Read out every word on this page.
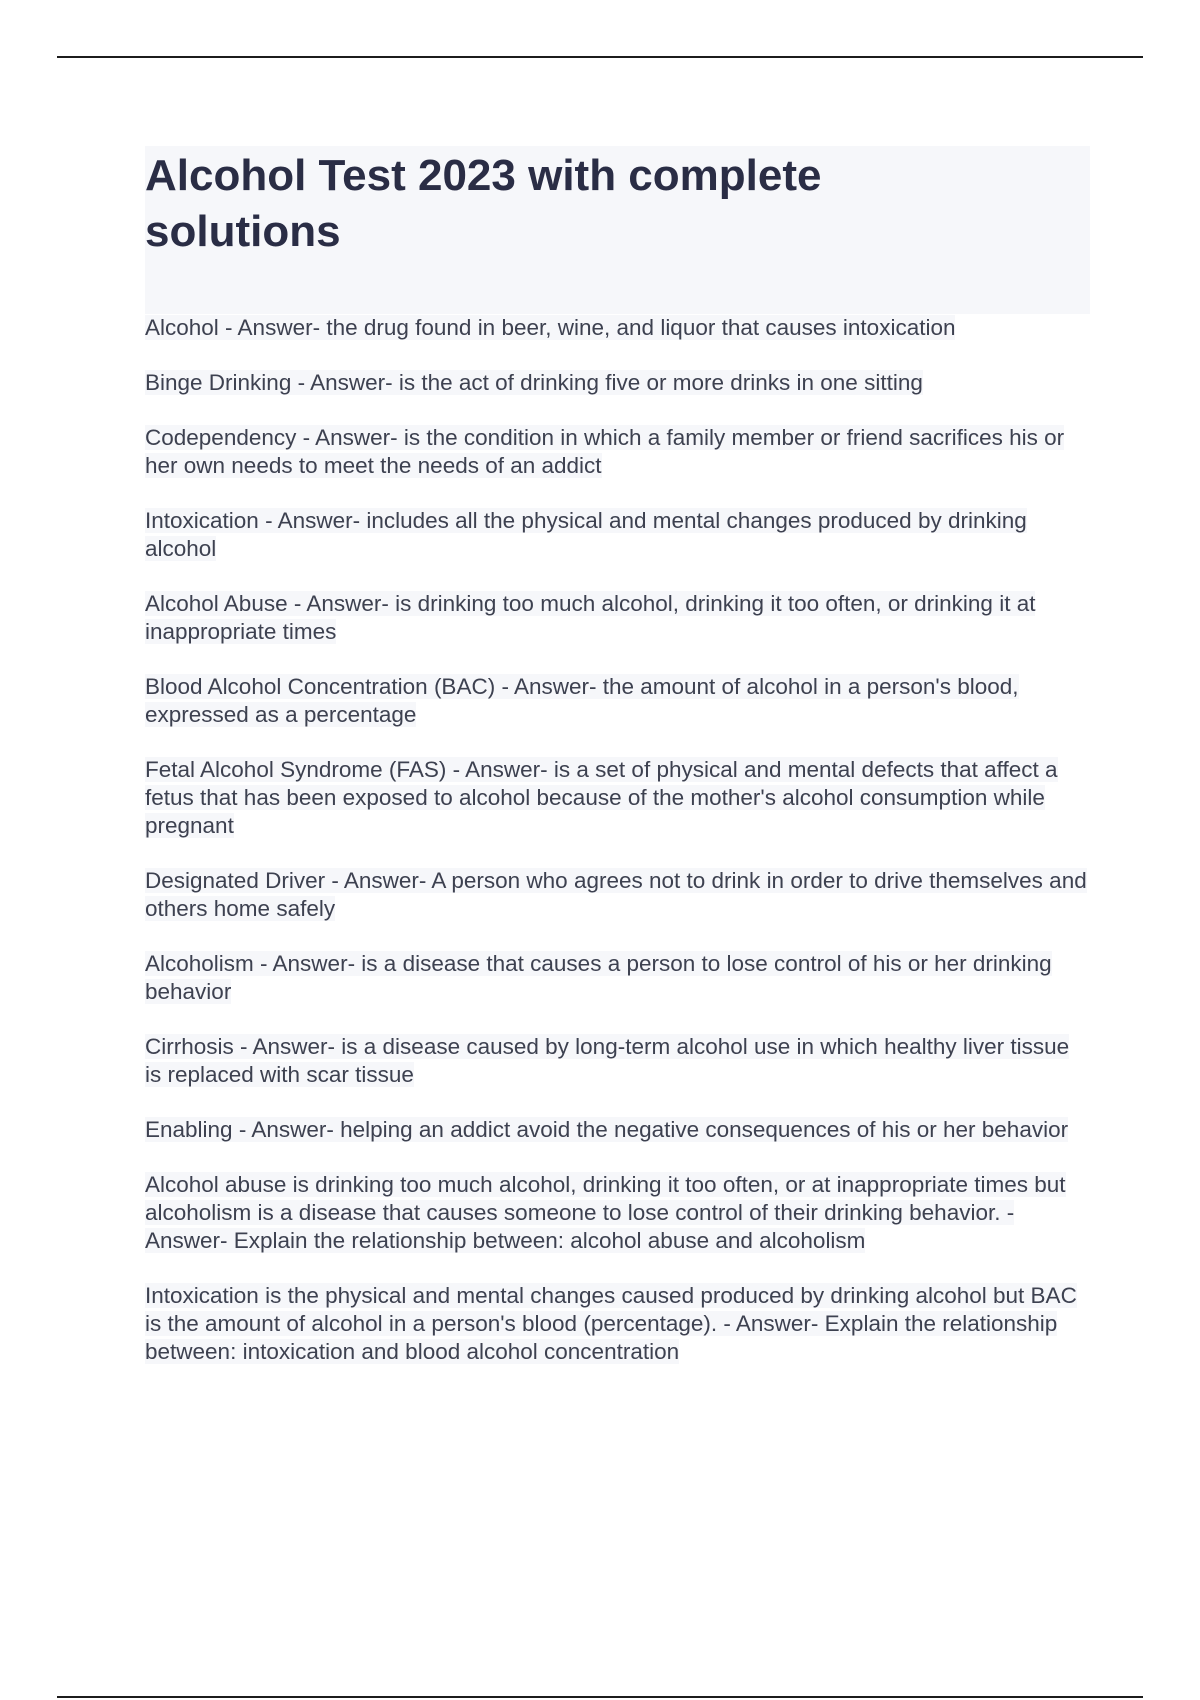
Alcohol Test 2023 with complete solutions
Alcohol - Answer- the drug found in beer, wine, and liquor that causes intoxication
Binge Drinking - Answer- is the act of drinking five or more drinks in one sitting
Codependency - Answer- is the condition in which a family member or friend sacrifices his or her own needs to meet the needs of an addict
Intoxication - Answer- includes all the physical and mental changes produced by drinking alcohol
Alcohol Abuse - Answer- is drinking too much alcohol, drinking it too often, or drinking it at inappropriate times
Blood Alcohol Concentration (BAC) - Answer- the amount of alcohol in a person's blood, expressed as a percentage
Fetal Alcohol Syndrome (FAS) - Answer- is a set of physical and mental defects that affect a fetus that has been exposed to alcohol because of the mother's alcohol consumption while pregnant
Designated Driver - Answer- A person who agrees not to drink in order to drive themselves and others home safely
Alcoholism - Answer- is a disease that causes a person to lose control of his or her drinking behavior
Cirrhosis - Answer- is a disease caused by long-term alcohol use in which healthy liver tissue is replaced with scar tissue
Enabling - Answer- helping an addict avoid the negative consequences of his or her behavior
Alcohol abuse is drinking too much alcohol, drinking it too often, or at inappropriate times but alcoholism is a disease that causes someone to lose control of their drinking behavior. - Answer- Explain the relationship between: alcohol abuse and alcoholism
Intoxication is the physical and mental changes caused produced by drinking alcohol but BAC is the amount of alcohol in a person's blood (percentage). - Answer- Explain the relationship between: intoxication and blood alcohol concentration
